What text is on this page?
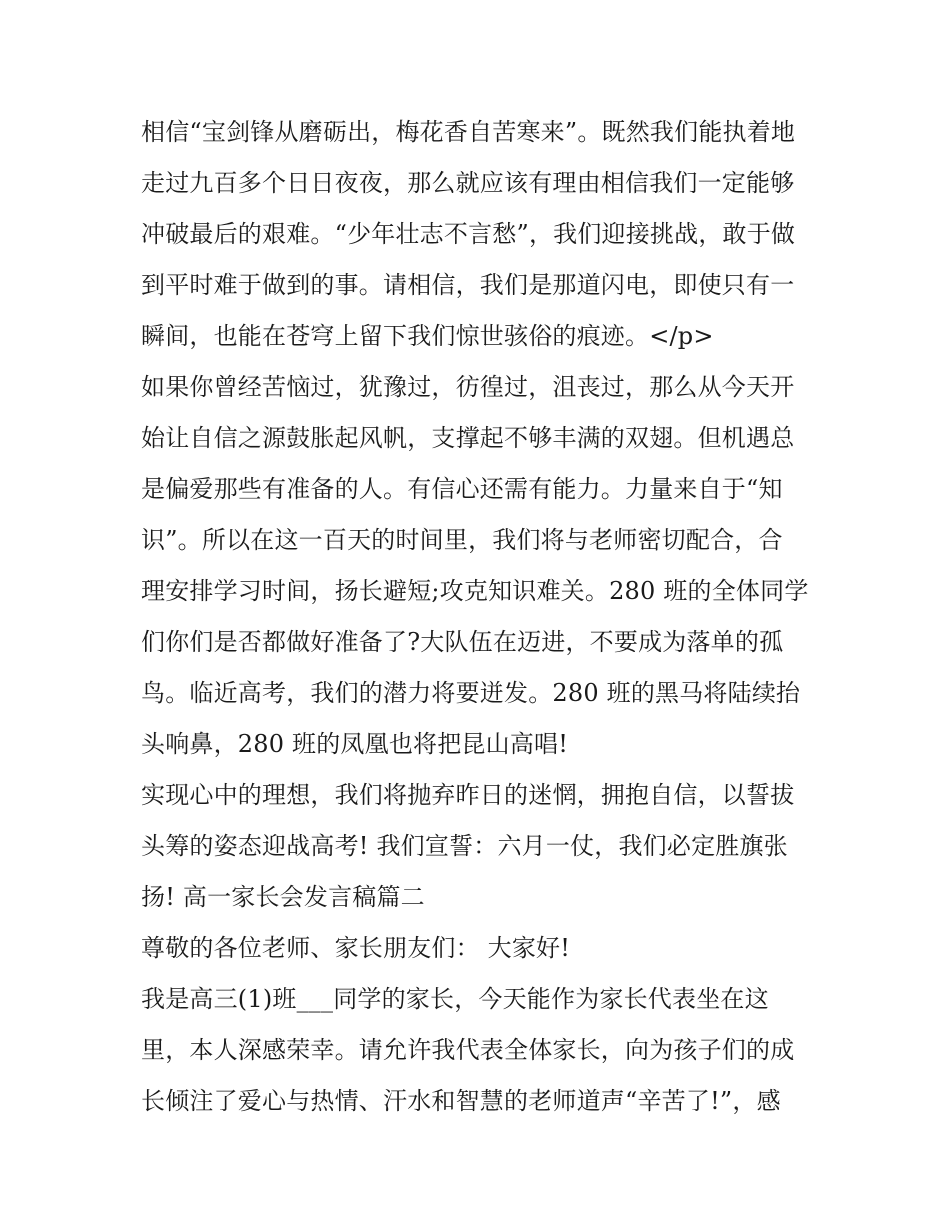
相信“宝剑锋从磨砺出，梅花香自苦寒来”。既然我们能执着地
走过九百多个日日夜夜，那么就应该有理由相信我们一定能够
冲破最后的艰难。“少年壮志不言愁”，我们迎接挑战，敢于做
到平时难于做到的事。请相信，我们是那道闪电，即使只有一
瞬间，也能在苍穹上留下我们惊世骇俗的痕迹。</p>
如果你曾经苦恼过，犹豫过，彷徨过，沮丧过，那么从今天开
始让自信之源鼓胀起风帆，支撑起不够丰满的双翅。但机遇总
是偏爱那些有准备的人。有信心还需有能力。力量来自于“知
识”。所以在这一百天的时间里，我们将与老师密切配合，合
理安排学习时间，扬长避短;攻克知识难关。280 班的全体同学
们你们是否都做好准备了?大队伍在迈进，不要成为落单的孤
鸟。临近高考，我们的潜力将要迸发。280 班的黑马将陆续抬
头响鼻，280 班的凤凰也将把昆山高唱!
实现心中的理想，我们将抛弃昨日的迷惘，拥抱自信，以誓拔
头筹的姿态迎战高考! 我们宣誓：六月一仗，我们必定胜旗张
扬! 高一家长会发言稿篇二
尊敬的各位老师、家长朋友们： 大家好!
我是高三(1)班___同学的家长，今天能作为家长代表坐在这
里，本人深感荣幸。请允许我代表全体家长，向为孩子们的成
长倾注了爱心与热情、汗水和智慧的老师道声“辛苦了!”，感
